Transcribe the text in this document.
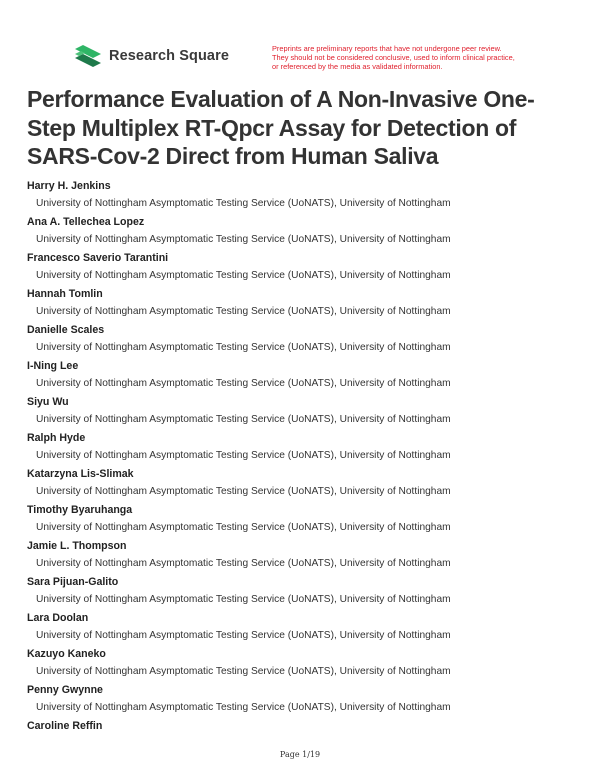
Research Square	Preprints are preliminary reports that have not undergone peer review.
They should not be considered conclusive, used to inform clinical practice,
or referenced by the media as validated information.
Performance Evaluation of A Non-Invasive One-Step Multiplex RT-Qpcr Assay for Detection of SARS-Cov-2 Direct from Human Saliva
Harry H. Jenkins
University of Nottingham Asymptomatic Testing Service (UoNATS), University of Nottingham
Ana A. Tellechea Lopez
University of Nottingham Asymptomatic Testing Service (UoNATS), University of Nottingham
Francesco Saverio Tarantini
University of Nottingham Asymptomatic Testing Service (UoNATS), University of Nottingham
Hannah Tomlin
University of Nottingham Asymptomatic Testing Service (UoNATS), University of Nottingham
Danielle Scales
University of Nottingham Asymptomatic Testing Service (UoNATS), University of Nottingham
I-Ning Lee
University of Nottingham Asymptomatic Testing Service (UoNATS), University of Nottingham
Siyu Wu
University of Nottingham Asymptomatic Testing Service (UoNATS), University of Nottingham
Ralph Hyde
University of Nottingham Asymptomatic Testing Service (UoNATS), University of Nottingham
Katarzyna Lis-Slimak
University of Nottingham Asymptomatic Testing Service (UoNATS), University of Nottingham
Timothy Byaruhanga
University of Nottingham Asymptomatic Testing Service (UoNATS), University of Nottingham
Jamie L. Thompson
University of Nottingham Asymptomatic Testing Service (UoNATS), University of Nottingham
Sara Pijuan-Galito
University of Nottingham Asymptomatic Testing Service (UoNATS), University of Nottingham
Lara Doolan
University of Nottingham Asymptomatic Testing Service (UoNATS), University of Nottingham
Kazuyo Kaneko
University of Nottingham Asymptomatic Testing Service (UoNATS), University of Nottingham
Penny Gwynne
University of Nottingham Asymptomatic Testing Service (UoNATS), University of Nottingham
Caroline Reffin
Page 1/19
